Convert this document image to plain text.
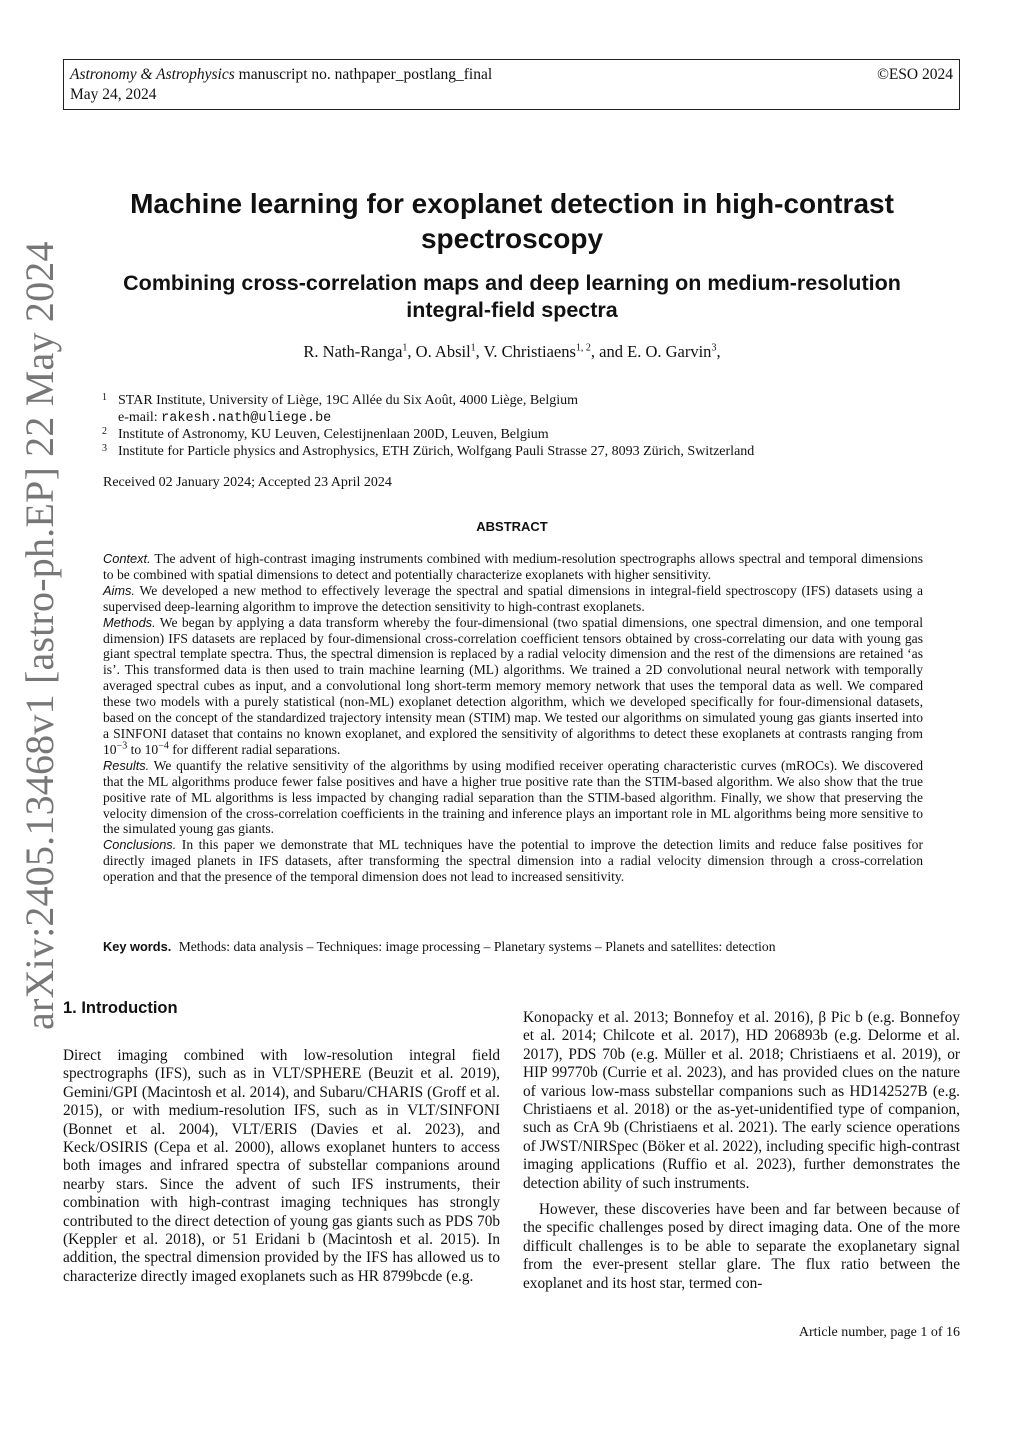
Astronomy & Astrophysics manuscript no. nathpaper_postlang_final
May 24, 2024
©ESO 2024
arXiv:2405.13468v1 [astro-ph.EP] 22 May 2024
Machine learning for exoplanet detection in high-contrast spectroscopy
Combining cross-correlation maps and deep learning on medium-resolution integral-field spectra
R. Nath-Ranga$^1$, O. Absil$^1$, V. Christiaens$^{1, 2}$, and E. O. Garvin$^3$,
1 STAR Institute, University of Liège, 19C Allée du Six Août, 4000 Liège, Belgium
e-mail: rakesh.nath@uliege.be
2 Institute of Astronomy, KU Leuven, Celestijnenlaan 200D, Leuven, Belgium
3 Institute for Particle physics and Astrophysics, ETH Zürich, Wolfgang Pauli Strasse 27, 8093 Zürich, Switzerland
Received 02 January 2024; Accepted 23 April 2024
ABSTRACT

Context. The advent of high-contrast imaging instruments combined with medium-resolution spectrographs allows spectral and temporal dimensions to be combined with spatial dimensions to detect and potentially characterize exoplanets with higher sensitivity.

Aims. We developed a new method to effectively leverage the spectral and spatial dimensions in integral-field spectroscopy (IFS) datasets using a supervised deep-learning algorithm to improve the detection sensitivity to high-contrast exoplanets.

Methods. We began by applying a data transform whereby the four-dimensional (two spatial dimensions, one spectral dimension, and one temporal dimension) IFS datasets are replaced by four-dimensional cross-correlation coefficient tensors obtained by cross-correlating our data with young gas giant spectral template spectra. Thus, the spectral dimension is replaced by a radial velocity dimension and the rest of the dimensions are retained ‘as is’. This transformed data is then used to train machine learning (ML) algorithms. We trained a 2D convolutional neural network with temporally averaged spectral cubes as input, and a convolutional long short-term memory memory network that uses the temporal data as well. We compared these two models with a purely statistical (non-ML) exoplanet detection algorithm, which we developed specifically for four-dimensional datasets, based on the concept of the standardized trajectory intensity mean (STIM) map. We tested our algorithms on simulated young gas giants inserted into a SINFONI dataset that contains no known exoplanet, and explored the sensitivity of algorithms to detect these exoplanets at contrasts ranging from $10^{-3}$ to $10^{-4}$ for different radial separations.

Results. We quantify the relative sensitivity of the algorithms by using modified receiver operating characteristic curves (mROCs). We discovered that the ML algorithms produce fewer false positives and have a higher true positive rate than the STIM-based algorithm. We also show that the true positive rate of ML algorithms is less impacted by changing radial separation than the STIM-based algorithm. Finally, we show that preserving the velocity dimension of the cross-correlation coefficients in the training and inference plays an important role in ML algorithms being more sensitive to the simulated young gas giants.

Conclusions. In this paper we demonstrate that ML techniques have the potential to improve the detection limits and reduce false positives for directly imaged planets in IFS datasets, after transforming the spectral dimension into a radial velocity dimension through a cross-correlation operation and that the presence of the temporal dimension does not lead to increased sensitivity.

Key words. Methods: data analysis – Techniques: image processing – Planetary systems – Planets and satellites: detection
1. Introduction

Direct imaging combined with low-resolution integral field spectrographs (IFS), such as in VLT/SPHERE (Beuzit et al. 2019), Gemini/GPI (Macintosh et al. 2014), and Subaru/CHARIS (Groff et al. 2015), or with medium-resolution IFS, such as in VLT/SINFONI (Bonnet et al. 2004), VLT/ERIS (Davies et al. 2023), and Keck/OSIRIS (Cepa et al. 2000), allows exoplanet hunters to access both images and infrared spectra of substellar companions around nearby stars. Since the advent of such IFS instruments, their combination with high-contrast imaging techniques has strongly contributed to the direct detection of young gas giants such as PDS 70b (Keppler et al. 2018), or 51 Eridani b (Macintosh et al. 2015). In addition, the spectral dimension provided by the IFS has allowed us to characterize directly imaged exoplanets such as HR 8799bcde (e.g.

Konopacky et al. 2013; Bonnefoy et al. 2016), β Pic b (e.g. Bonnefoy et al. 2014; Chilcote et al. 2017), HD 206893b (e.g. Delorme et al. 2017), PDS 70b (e.g. Müller et al. 2018; Christiaens et al. 2019), or HIP 99770b (Currie et al. 2023), and has provided clues on the nature of various low-mass substellar companions such as HD142527B (e.g. Christiaens et al. 2018) or the as-yet-unidentified type of companion, such as CrA 9b (Christiaens et al. 2021). The early science operations of JWST/NIRSpec (Böker et al. 2022), including specific high-contrast imaging applications (Ruffio et al. 2023), further demonstrates the detection ability of such instruments.

However, these discoveries have been and far between because of the specific challenges posed by direct imaging data. One of the more difficult challenges is to be able to separate the exoplanetary signal from the ever-present stellar glare. The flux ratio between the exoplanet and its host star, termed con-

Article number, page 1 of 16
